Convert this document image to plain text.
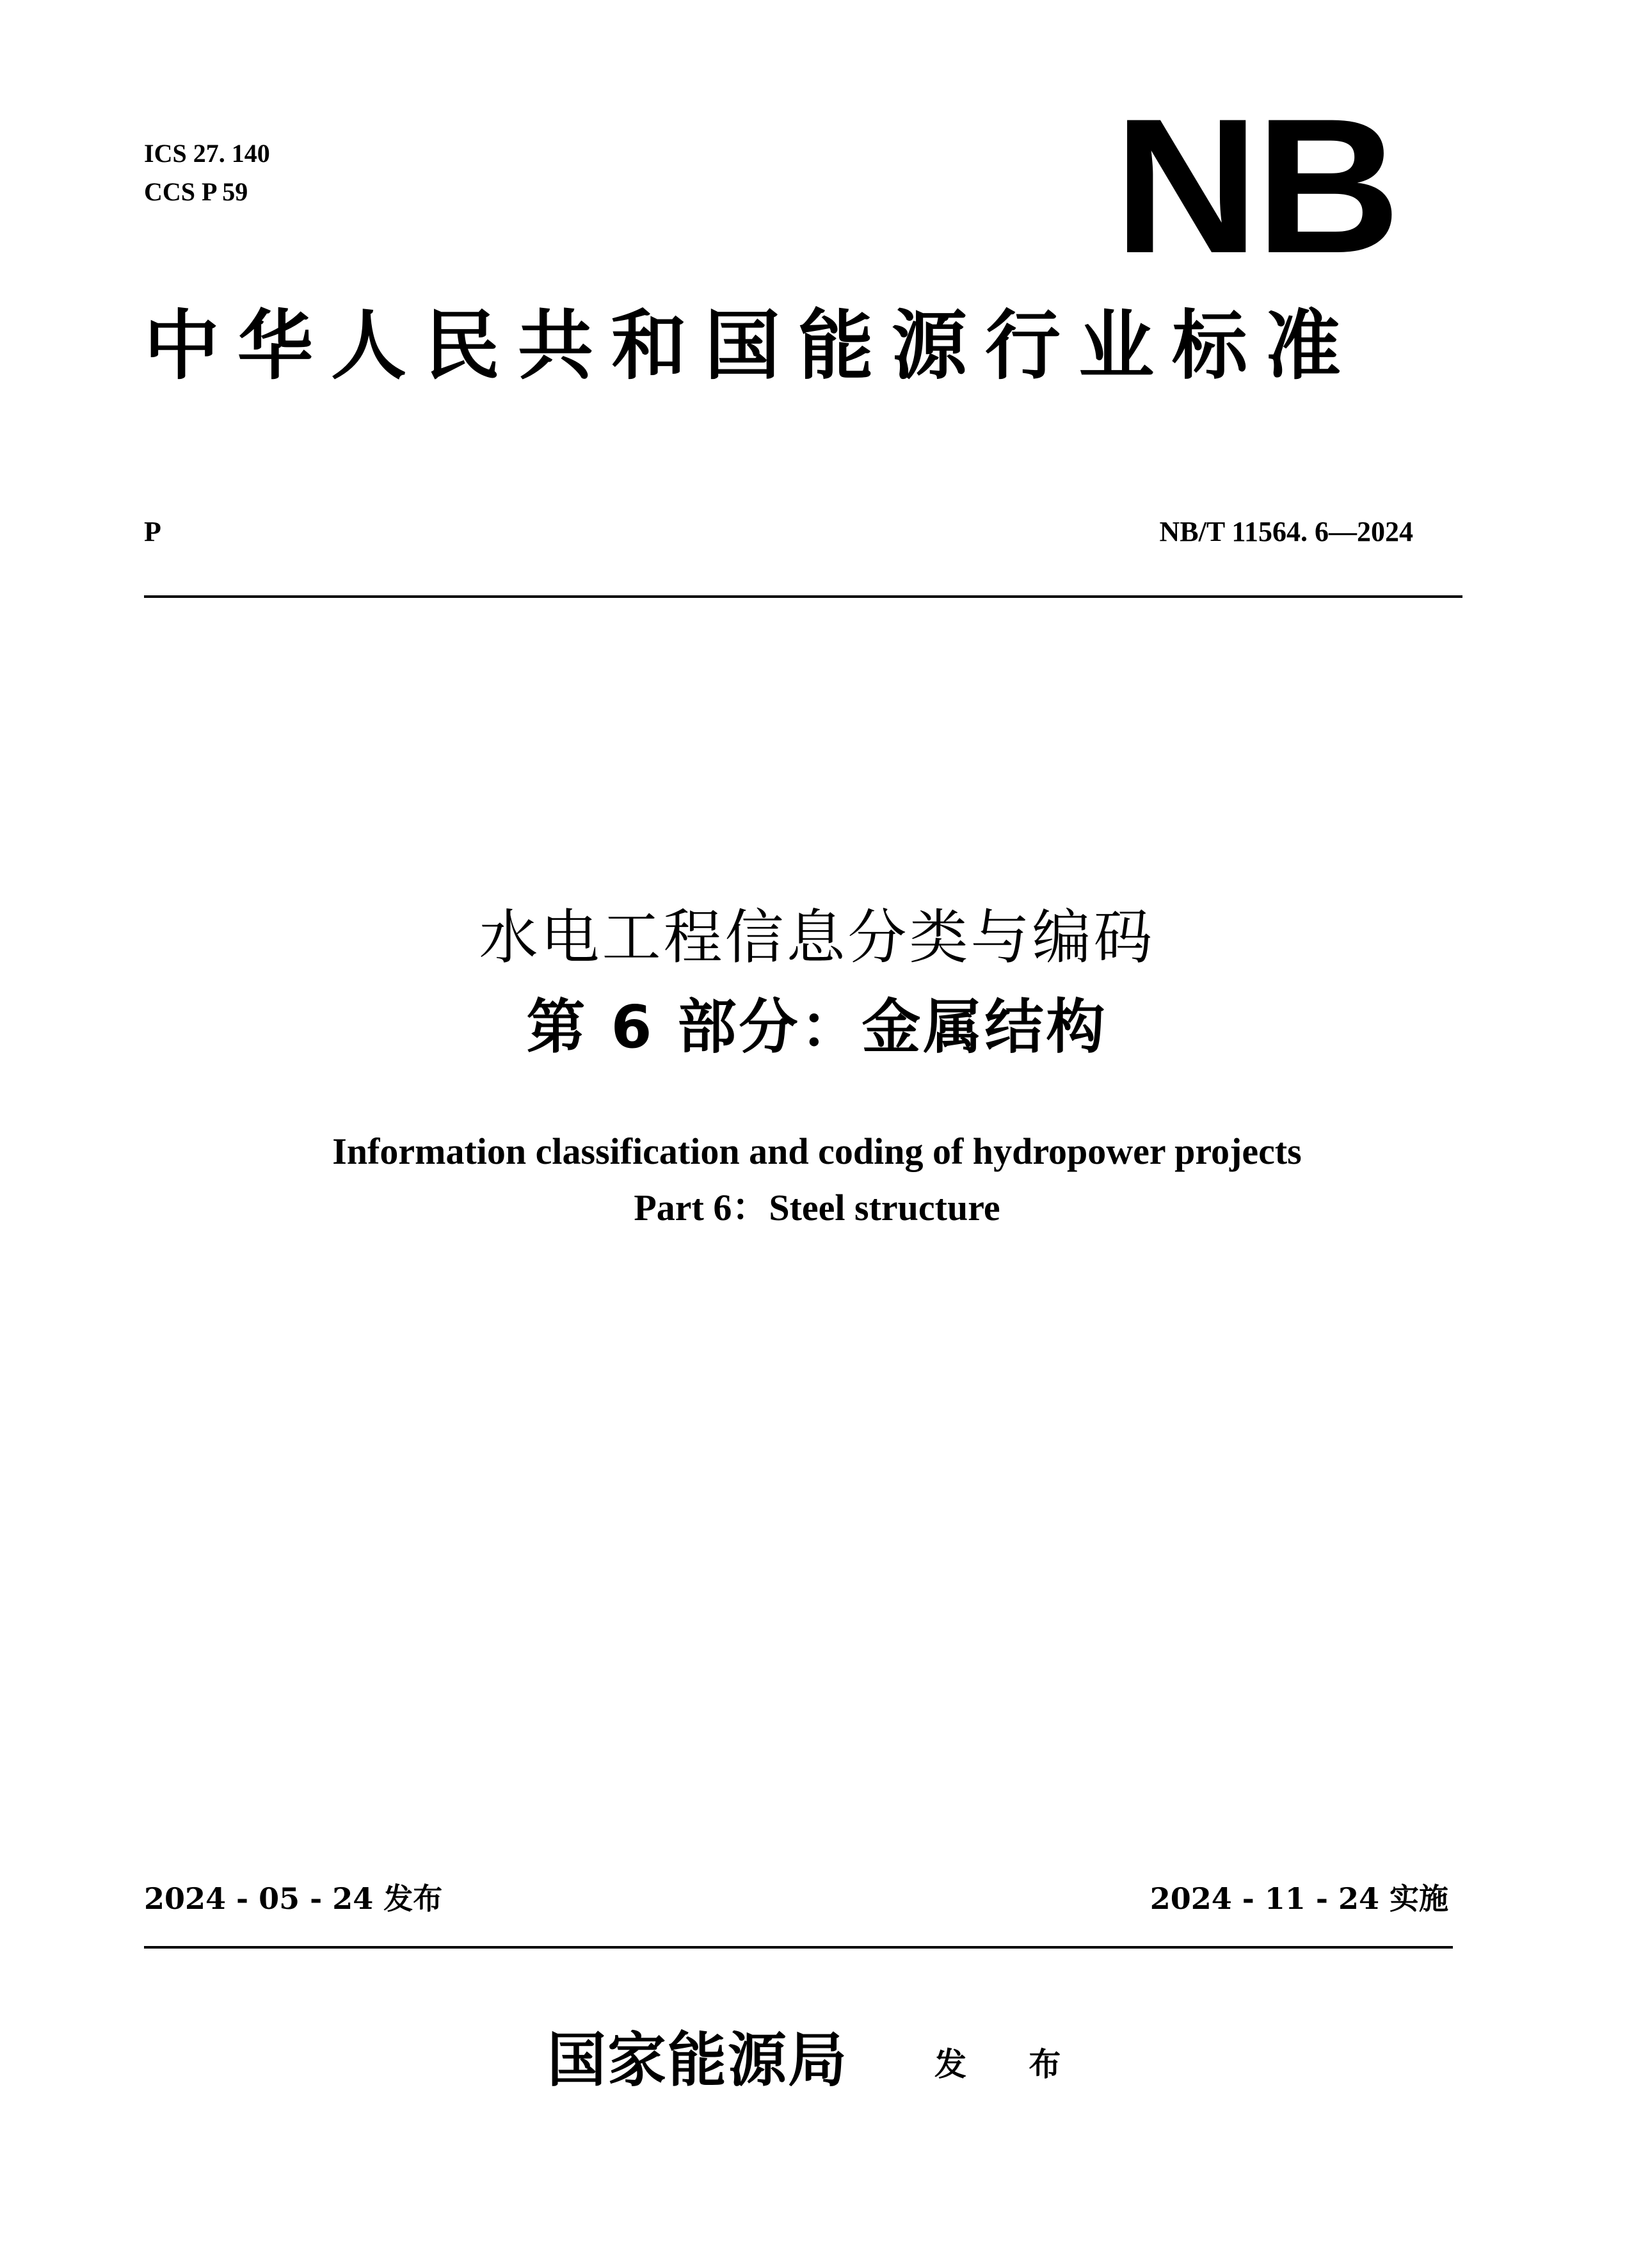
ICS 27. 140
CCS P 59	NB
中华人民共和国能源行业标准
P	NB/T 11564. 6—2024
水电工程信息分类与编码
第 6 部分：金属结构
Information classification and coding of hydropower projects
Part 6：Steel structure
2024 - 05 - 24 发布	2024 - 11 - 24 实施
国家能源局	发 布
